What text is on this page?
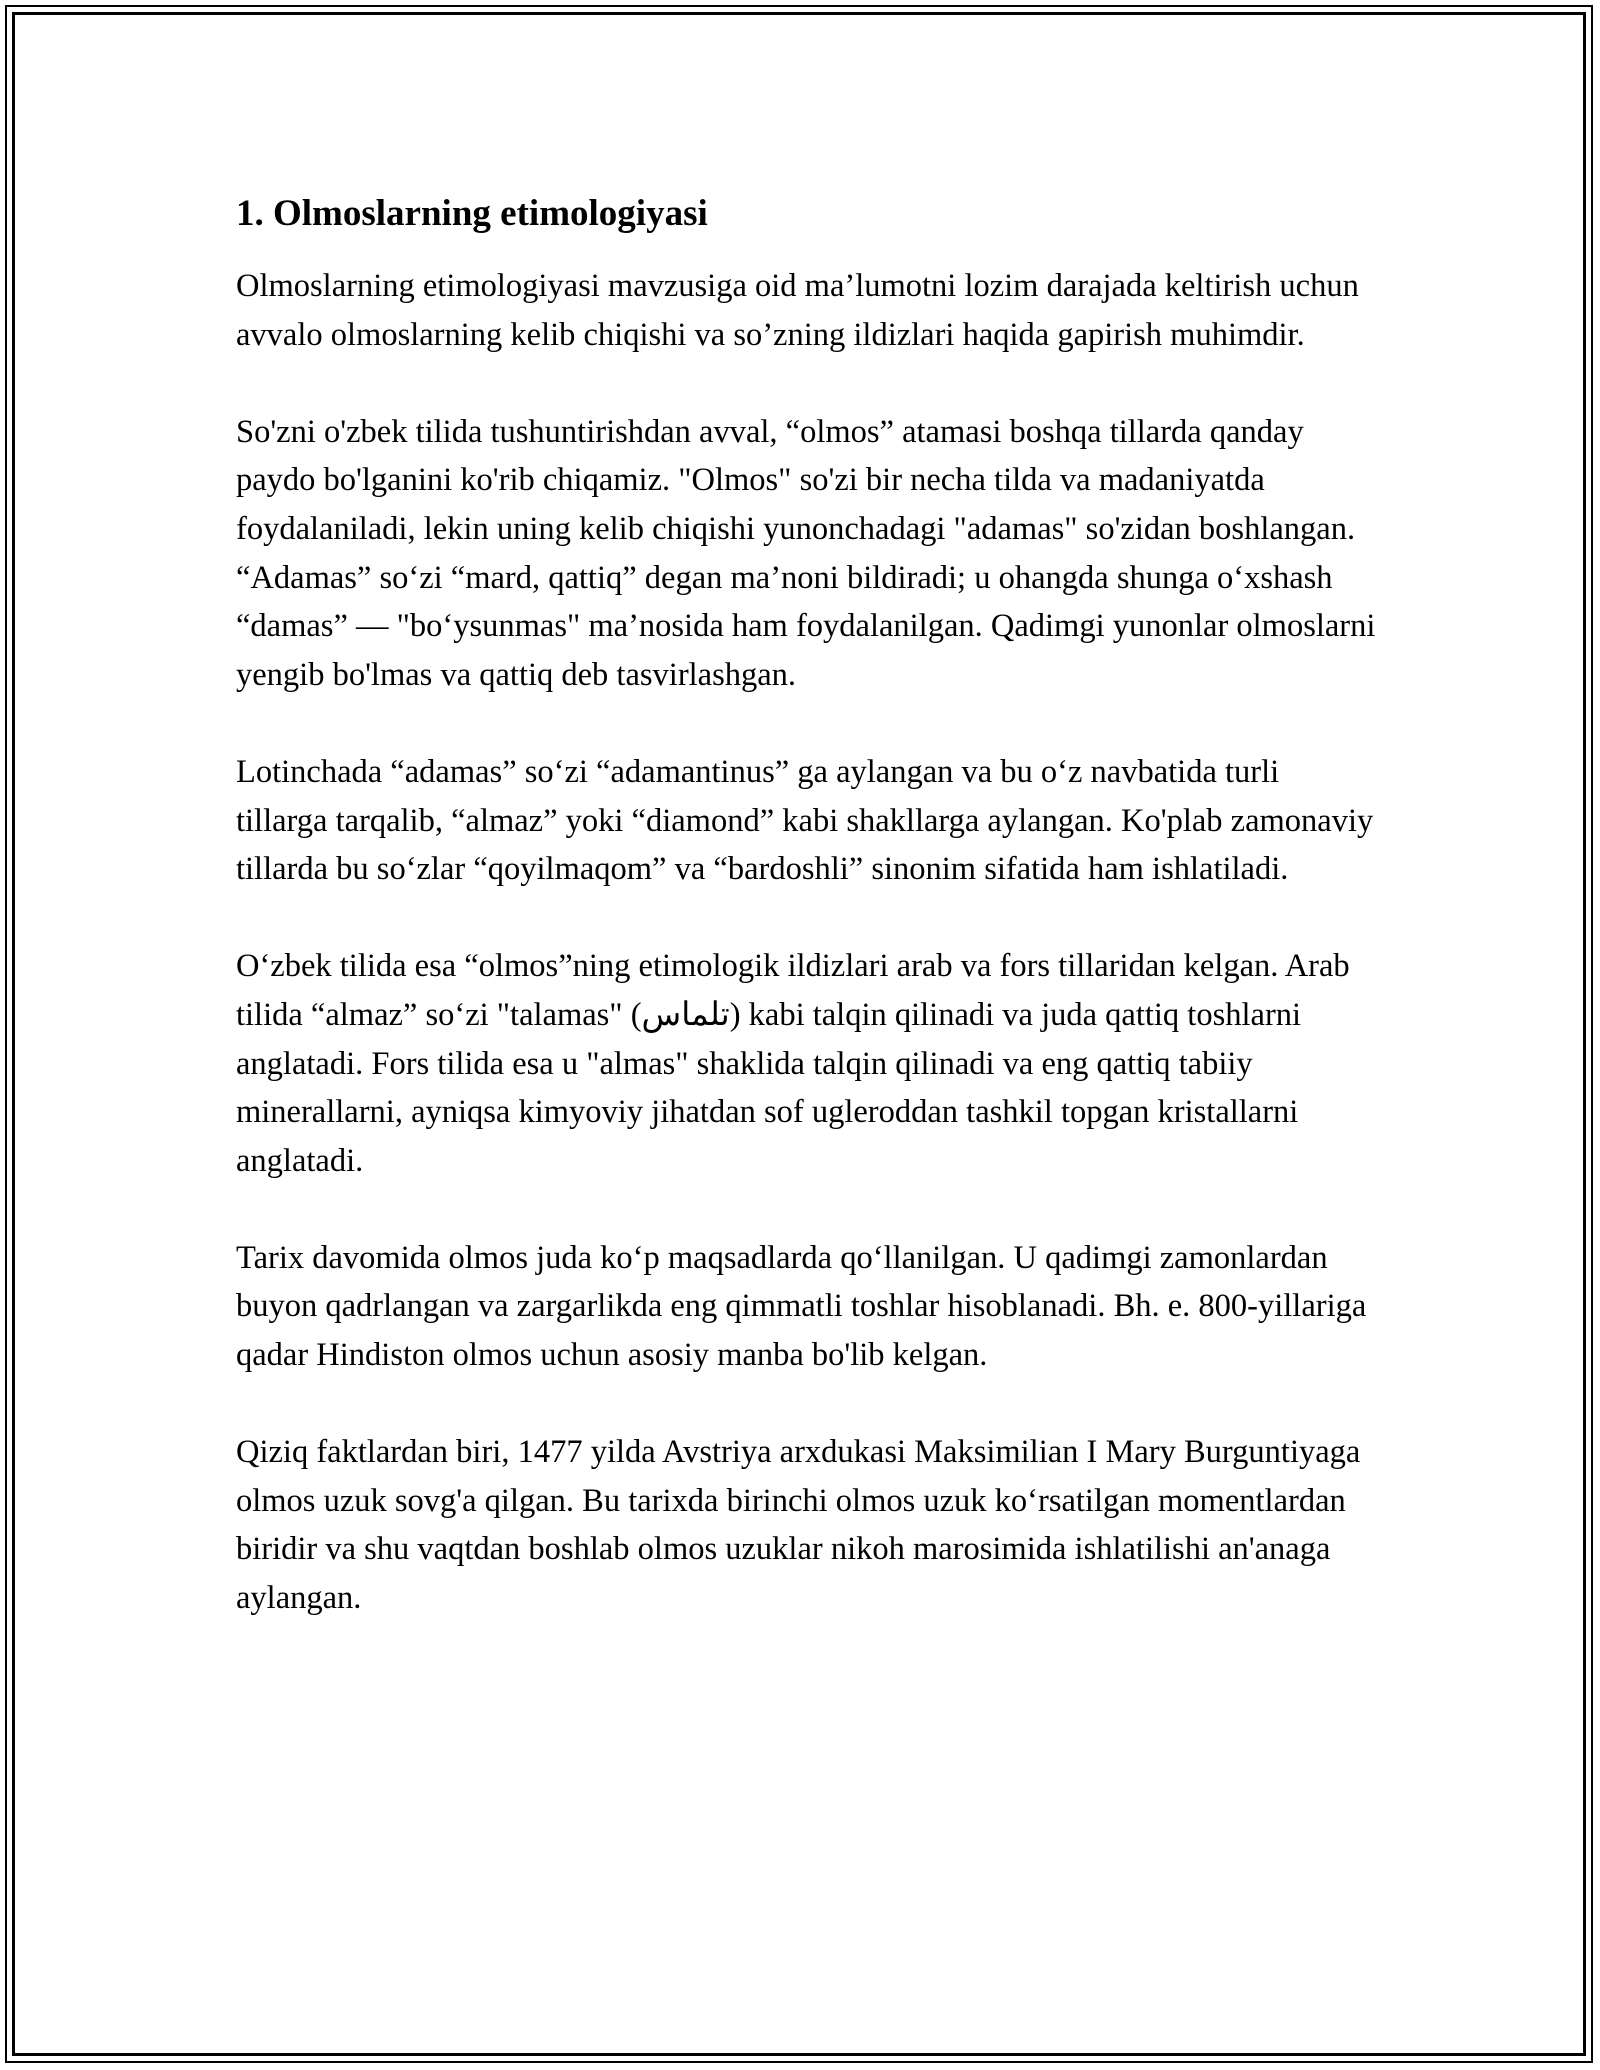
1. Olmoslarning etimologiyasi

Olmoslarning etimologiyasi mavzusiga oid ma’lumotni lozim darajada keltirish uchun avvalo olmoslarning kelib chiqishi va so’zning ildizlari haqida gapirish muhimdir.

So'zni o'zbek tilida tushuntirishdan avval, “olmos” atamasi boshqa tillarda qanday paydo bo'lganini ko'rib chiqamiz. "Olmos" so'zi bir necha tilda va madaniyatda foydalaniladi, lekin uning kelib chiqishi yunonchadagi "adamas" so'zidan boshlangan. “Adamas” so‘zi “mard, qattiq” degan ma’noni bildiradi; u ohangda shunga o‘xshash “damas” — "bo‘ysunmas" ma’nosida ham foydalanilgan. Qadimgi yunonlar olmoslarni yengib bo'lmas va qattiq deb tasvirlashgan.

Lotinchada “adamas” so‘zi “adamantinus” ga aylangan va bu o‘z navbatida turli tillarga tarqalib, “almaz” yoki “diamond” kabi shakllarga aylangan. Ko'plab zamonaviy tillarda bu so‘zlar “qoyilmaqom” va “bardoshli” sinonim sifatida ham ishlatiladi.

O‘zbek tilida esa “olmos”ning etimologik ildizlari arab va fors tillaridan kelgan. Arab tilida “almaz” so‘zi "talamas" (تلماس) kabi talqin qilinadi va juda qattiq toshlarni anglatadi. Fors tilida esa u "almas" shaklida talqin qilinadi va eng qattiq tabiiy minerallarni, ayniqsa kimyoviy jihatdan sof ugleroddan tashkil topgan kristallarni anglatadi.

Tarix davomida olmos juda ko‘p maqsadlarda qo‘llanilgan. U qadimgi zamonlardan buyon qadrlangan va zargarlikda eng qimmatli toshlar hisoblanadi. Bh. e. 800-yillariga qadar Hindiston olmos uchun asosiy manba bo'lib kelgan.

Qiziq faktlardan biri, 1477 yilda Avstriya arxdukasi Maksimilian I Mary Burguntiyaga olmos uzuk sovg'a qilgan. Bu tarixda birinchi olmos uzuk ko‘rsatilgan momentlardan biridir va shu vaqtdan boshlab olmos uzuklar nikoh marosimida ishlatilishi an'anaga aylangan.
